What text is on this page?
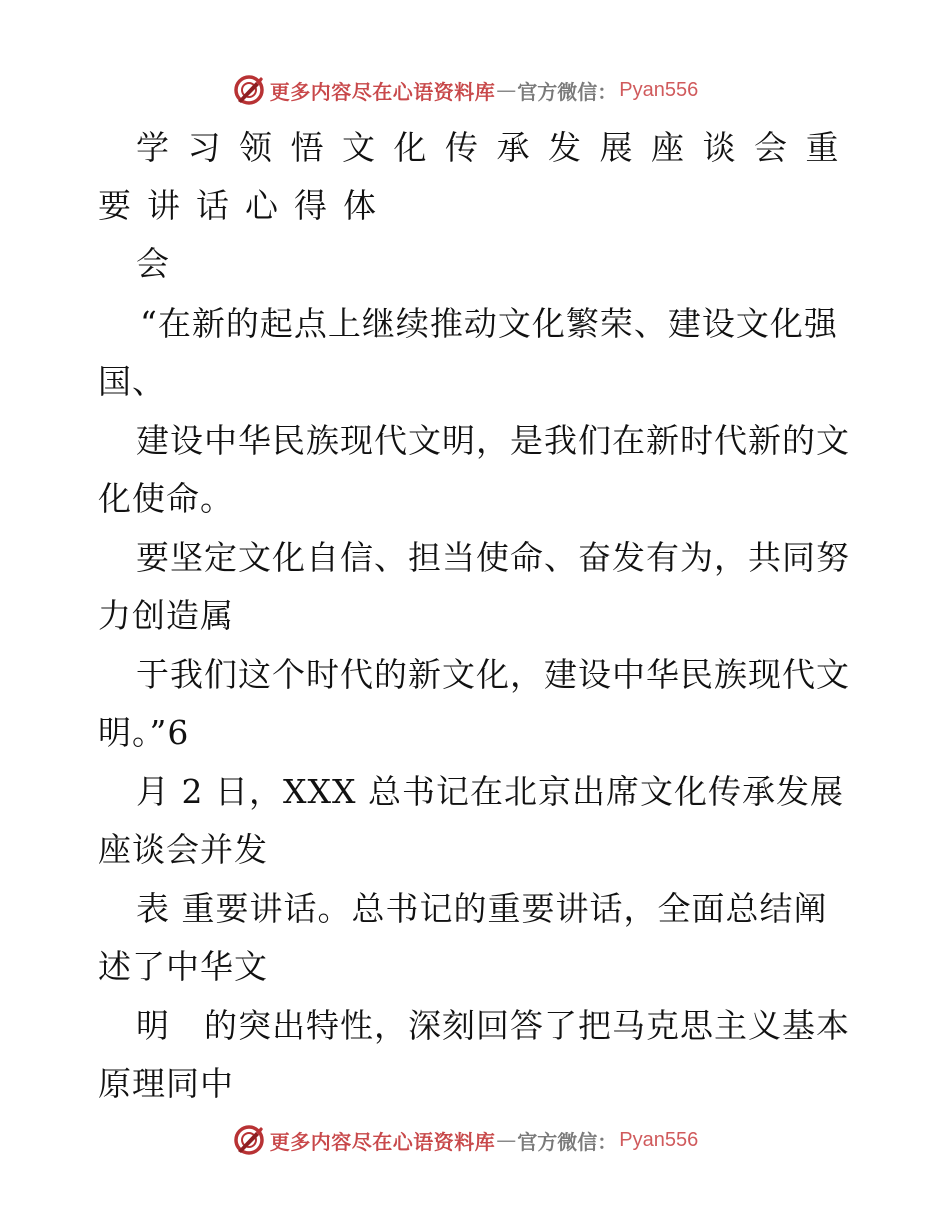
更多内容尽在心语资料库 — 官方微信： Pyan556
学习领悟文化传承发展座谈会重
要讲话心得体
会
“在新的起点上继续推动文化繁荣、建设文化强
国、
建设中华民族现代文明，是我们在新时代新的文
化使命。
要坚定文化自信、担当使命、奋发有为，共同努
力创造属
于我们这个时代的新文化，建设中华民族现代文
明。”6
月 2 日，XXX 总书记在北京出席文化传承发展
座谈会并发
表 重要讲话。总书记的重要讲话，全面总结阐
述了中华文
明　的突出特性，深刻回答了把马克思主义基本
原理同中
更多内容尽在心语资料库 — 官方微信： Pyan556
